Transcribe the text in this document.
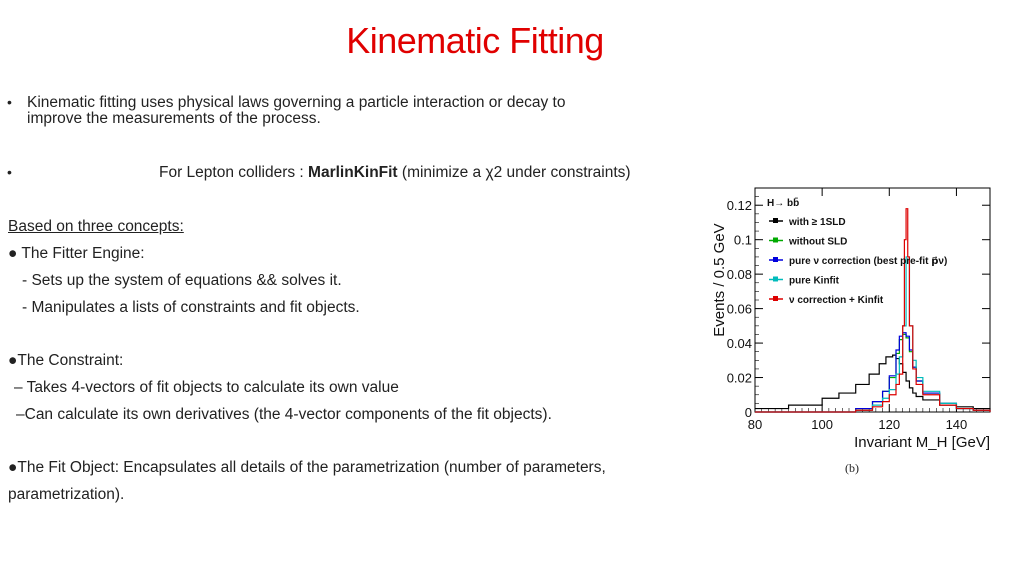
Kinematic Fitting
• Kinematic fitting uses physical laws governing a particle interaction or decay to
improve the measurements of the process.
•	For Lepton colliders : MarlinKinFit (minimize a χ2 under constraints)
Based on three concepts:
● The Fitter Engine:
- Sets up the system of equations && solves it.
- Manipulates a lists of constraints and fit objects.
●The Constraint:
– Takes 4-vectors of fit objects to calculate its own value
–Can calculate its own derivatives (the 4-vector components of the fit objects).
●The Fit Object: Encapsulates all details of the parametrization (number of parameters,
parametrization).
0
0.02
0.04
0.06
0.08
0.1
0.12
80	100	120	140
Events / 0.5 GeV
Invariant M_H [GeV]
H→ bb̄
with ≥ 1SLD
without SLD
pure ν correction (best pre-fit p⃗ν)
pure Kinfit
ν correction + Kinfit
(b)
